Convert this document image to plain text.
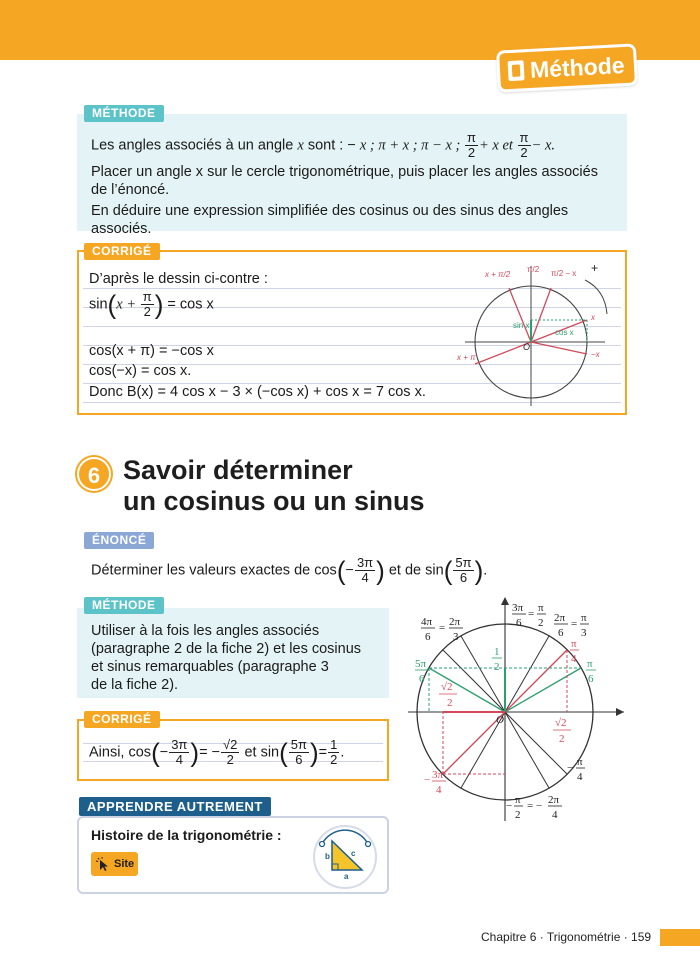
Méthode
MÉTHODE
Les angles associés à un angle x sont : − x ; π + x ; π − x ; $\frac{\pi}{2} + x$ et $\frac{\pi}{2} - x$.
Placer un angle x sur le cercle trigonométrique, puis placer les angles associés de l’énoncé.
En déduire une expression simplifiée des cosinus ou des sinus des angles associés.
CORRIGÉ
D’après le dessin ci-contre :
$\sin(x + \frac{\pi}{2}$ ) = cos x
cos(x + π) = −cos x
cos(−x) = cos x.
Donc B(x) = 4 cos x − 3 × (−cos x) + cos x = 7 cos x.
+
x + π/2
π/2 π/2 − x
sin x
cos x
O
x
x + π	−x
6 Savoir déterminer
un cosinus ou un sinus
ÉNONCÉ
Déterminer les valeurs exactes de $\cos(- \frac{3\pi}{4}$ ) et de $\sin( \frac{5\pi}{6}$ ).
MÉTHODE
Utiliser à la fois les angles associés
(paragraphe 2 de la fiche 2) et les cosinus
et sinus remarquables (paragraphe 3
de la fiche 2).
CORRIGÉ
Ainsi, $\cos(- \frac{3\pi}{4}$ )= − $\frac{√2}{2}$ et $\sin( \frac{5\pi}{6}$ )= $\frac{1}{2}$ .
4π
6
= 2π
3
3π
6
= π
2 2π
6
= π
3
π
4
5π
6
π
6
1
2
√2
2
√2
2
O
− 3π
4
− π
4
− π
2
= − 2π
4
APPRENDRE AUTREMENT
Histoire de la trigonométrie :
Site
b	c
a
Chapitre 6 · Trigonométrie · 159
